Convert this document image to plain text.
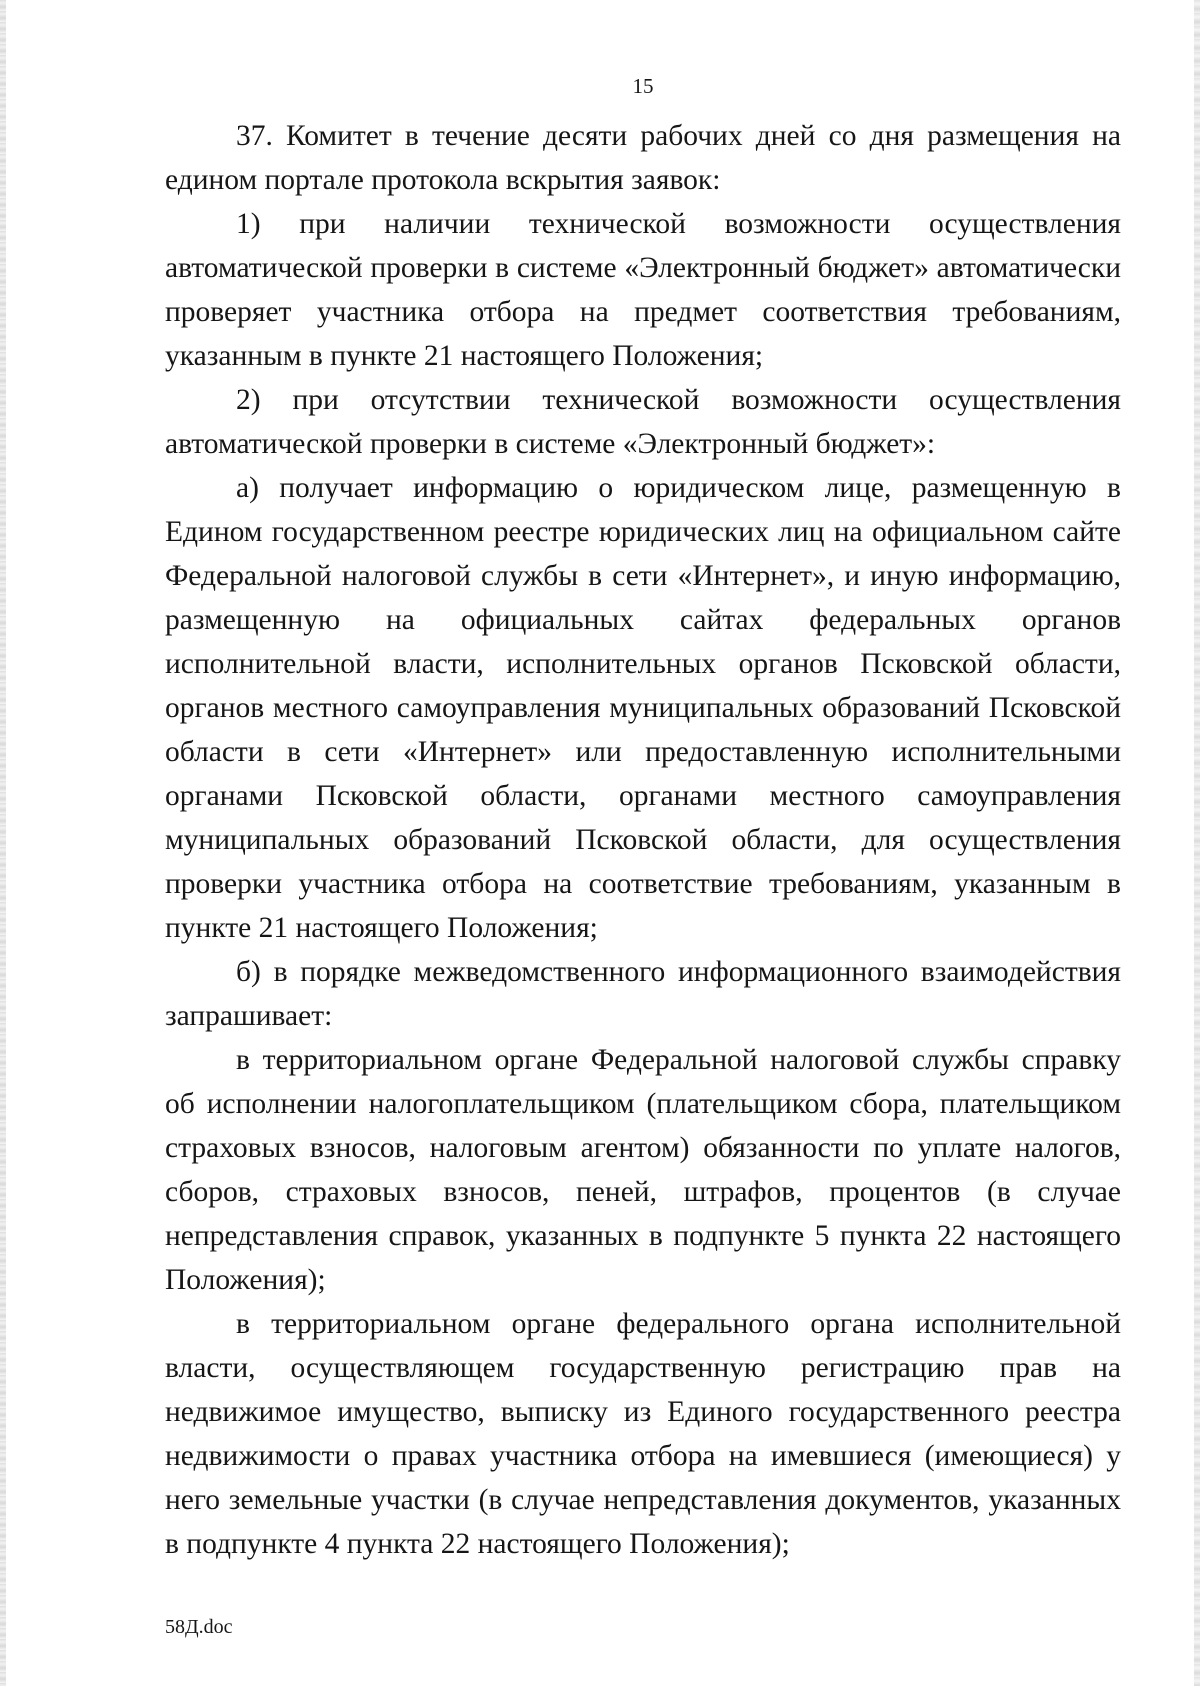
15

37. Комитет в течение десяти рабочих дней со дня размещения на едином портале протокола вскрытия заявок:

1) при наличии технической возможности осуществления автоматической проверки в системе «Электронный бюджет» автоматически проверяет участника отбора на предмет соответствия требованиям, указанным в пункте 21 настоящего Положения;

2) при отсутствии технической возможности осуществления автоматической проверки в системе «Электронный бюджет»:

а) получает информацию о юридическом лице, размещенную в Едином государственном реестре юридических лиц на официальном сайте Федеральной налоговой службы в сети «Интернет», и иную информацию, размещенную на официальных сайтах федеральных органов исполнительной власти, исполнительных органов Псковской области, органов местного самоуправления муниципальных образований Псковской области в сети «Интернет» или предоставленную исполнительными органами Псковской области, органами местного самоуправления муниципальных образований Псковской области, для осуществления проверки участника отбора на соответствие требованиям, указанным в пункте 21 настоящего Положения;

б) в порядке межведомственного информационного взаимодействия запрашивает:

в территориальном органе Федеральной налоговой службы справку об исполнении налогоплательщиком (плательщиком сбора, плательщиком страховых взносов, налоговым агентом) обязанности по уплате налогов, сборов, страховых взносов, пеней, штрафов, процентов (в случае непредставления справок, указанных в подпункте 5 пункта 22 настоящего Положения);

в территориальном органе федерального органа исполнительной власти, осуществляющем государственную регистрацию прав на недвижимое имущество, выписку из Единого государственного реестра недвижимости о правах участника отбора на имевшиеся (имеющиеся) у него земельные участки (в случае непредставления документов, указанных в подпункте 4 пункта 22 настоящего Положения);

58Д.doc
